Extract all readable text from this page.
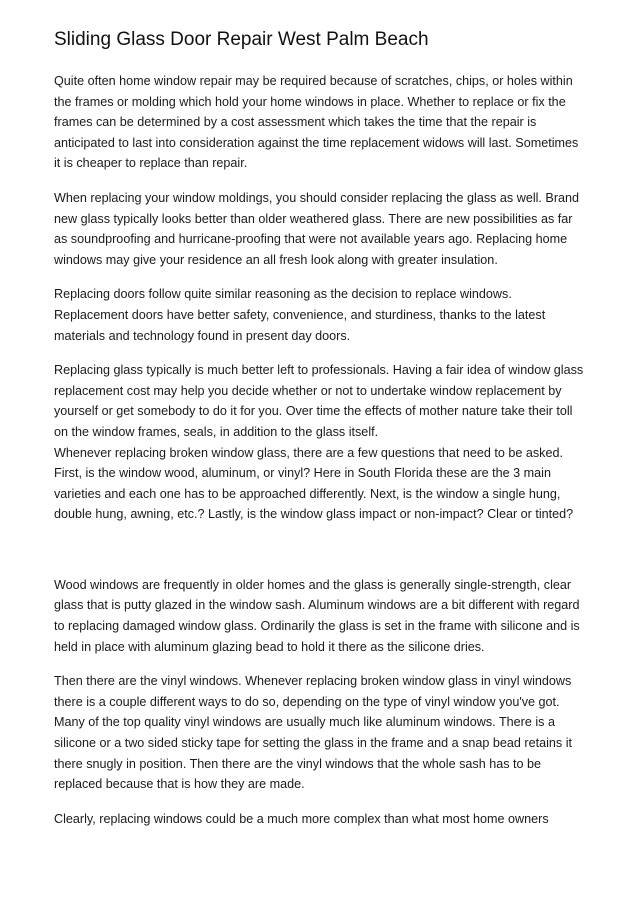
Sliding Glass Door Repair West Palm Beach

Quite often home window repair may be required because of scratches, chips, or holes within the frames or molding which hold your home windows in place. Whether to replace or fix the frames can be determined by a cost assessment which takes the time that the repair is anticipated to last into consideration against the time replacement widows will last. Sometimes it is cheaper to replace than repair.

When replacing your window moldings, you should consider replacing the glass as well. Brand new glass typically looks better than older weathered glass. There are new possibilities as far as soundproofing and hurricane-proofing that were not available years ago. Replacing home windows may give your residence an all fresh look along with greater insulation.

Replacing doors follow quite similar reasoning as the decision to replace windows. Replacement doors have better safety, convenience, and sturdiness, thanks to the latest materials and technology found in present day doors.

Replacing glass typically is much better left to professionals. Having a fair idea of window glass replacement cost may help you decide whether or not to undertake window replacement by yourself or get somebody to do it for you. Over time the effects of mother nature take their toll on the window frames, seals, in addition to the glass itself.

Whenever replacing broken window glass, there are a few questions that need to be asked. First, is the window wood, aluminum, or vinyl? Here in South Florida these are the 3 main varieties and each one has to be approached differently. Next, is the window a single hung, double hung, awning, etc.? Lastly, is the window glass impact or non-impact? Clear or tinted?

Wood windows are frequently in older homes and the glass is generally single-strength, clear glass that is putty glazed in the window sash. Aluminum windows are a bit different with regard to replacing damaged window glass. Ordinarily the glass is set in the frame with silicone and is held in place with aluminum glazing bead to hold it there as the silicone dries.

Then there are the vinyl windows. Whenever replacing broken window glass in vinyl windows there is a couple different ways to do so, depending on the type of vinyl window you've got. Many of the top quality vinyl windows are usually much like aluminum windows. There is a silicone or a two sided sticky tape for setting the glass in the frame and a snap bead retains it there snugly in position. Then there are the vinyl windows that the whole sash has to be replaced because that is how they are made.

Clearly, replacing windows could be a much more complex than what most home owners
